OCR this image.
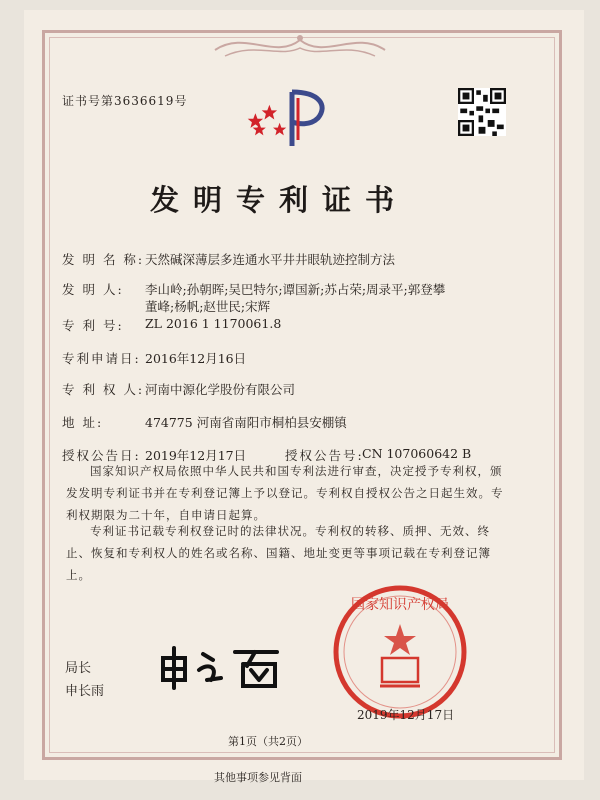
证书号第3636619号
发明专利证书
发 明 名 称: 天然碱深薄层多连通水平井井眼轨迹控制方法
发 明 人: 李山岭;孙朝晖;吴巴特尔;谭国新;苏占荣;周录平;郭登攀
董峰;杨帆;赵世民;宋辉
专 利 号: ZL 2016 1 1170061.8
专利申请日: 2016年12月16日
专 利 权 人: 河南中源化学股份有限公司
地 址:	474775 河南省南阳市桐柏县安棚镇
授权公告日: 2019年12月17日	授权公告号:
CN 107060642 B
国家知识产权局依照中华人民共和国专利法进行审查，决定授予专利权，颁发发明专利证书并在专利登记簿上予以登记。专利权自授权公告之日起生效。专利权期限为二十年，自申请日起算。
专利证书记载专利权登记时的法律状况。专利权的转移、质押、无效、终止、恢复和专利权人的姓名或名称、国籍、地址变更等事项记载在专利登记簿上。
局长
申长雨
国家知识产权局
2019年12月17日
第1页（共2页）
其他事项参见背面
